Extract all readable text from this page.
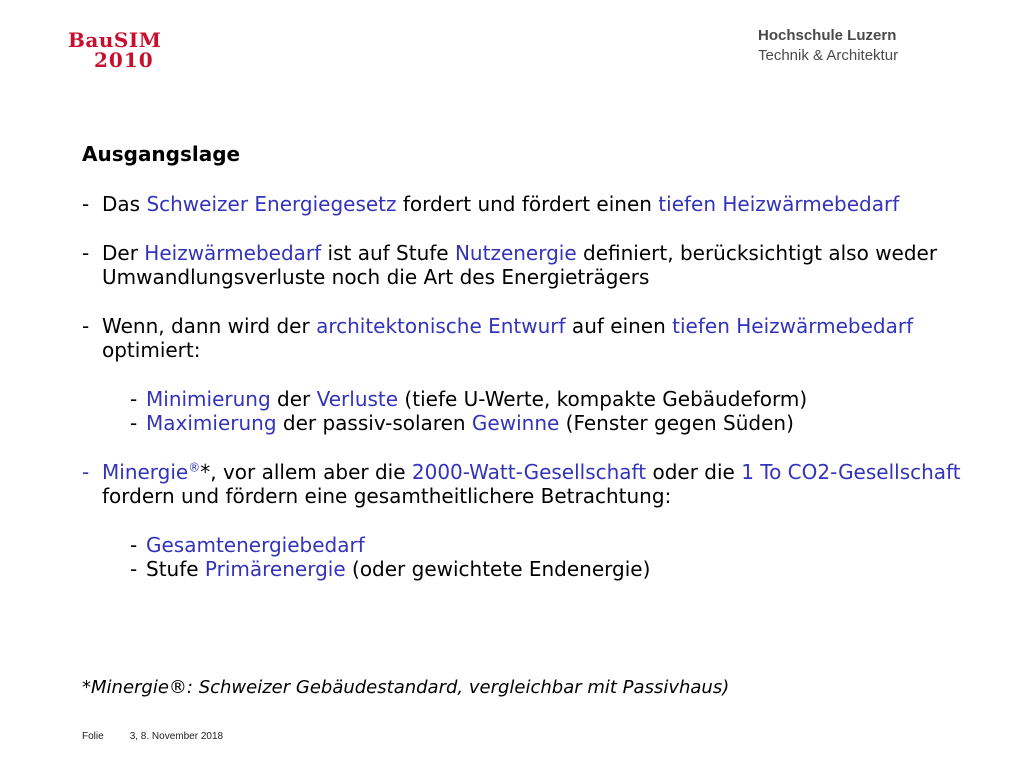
BauSIM
2010
Hochschule Luzern
Technik & Architektur
Ausgangslage
- Das Schweizer Energiegesetz fordert und fördert einen tiefen Heizwärmebedarf
- Der Heizwärmebedarf ist auf Stufe Nutzenergie definiert, berücksichtigt also weder Umwandlungsverluste noch die Art des Energieträgers
- Wenn, dann wird der architektonische Entwurf auf einen tiefen Heizwärmebedarf optimiert:
- Minimierung der Verluste (tiefe U-Werte, kompakte Gebäudeform)
- Maximierung der passiv-solaren Gewinne (Fenster gegen Süden)
- Minergie®*, vor allem aber die 2000-Watt-Gesellschaft oder die 1 To CO2-Gesellschaft fordern und fördern eine gesamtheitlichere Betrachtung:
- Gesamtenergiebedarf
- Stufe Primärenergie (oder gewichtete Endenergie)
*Minergie®: Schweizer Gebäudestandard, vergleichbar mit Passivhaus)
Folie	3, 8. November 2018
